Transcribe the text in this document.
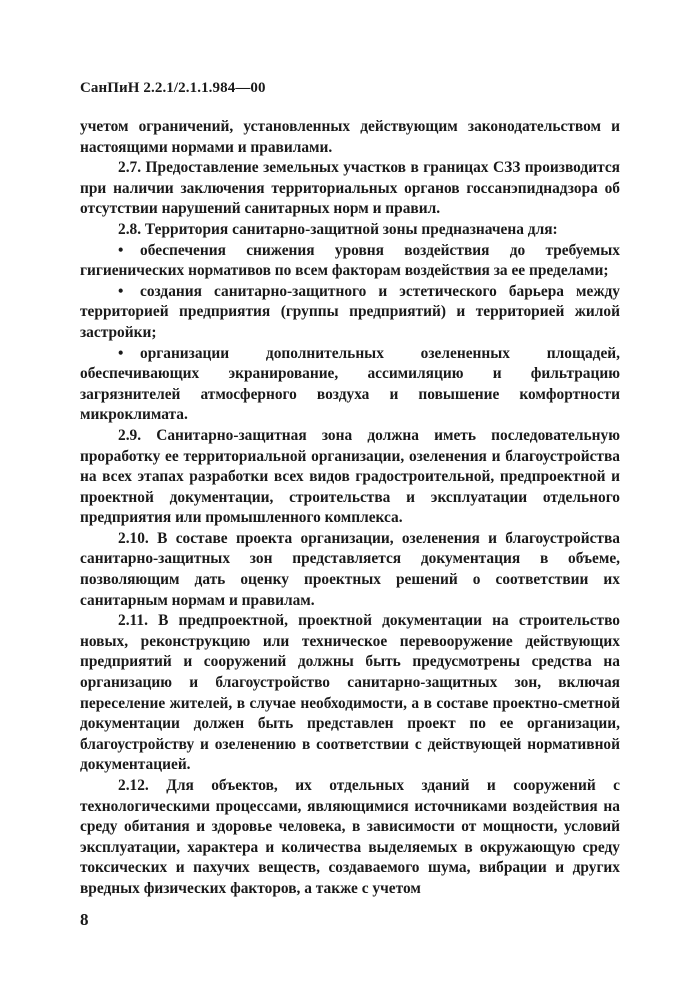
СанПиН 2.2.1/2.1.1.984—00

учетом ограничений, установленных действующим законодательством и настоящими нормами и правилами.

2.7. Предоставление земельных участков в границах СЗЗ производится при наличии заключения территориальных органов госсанэпиднадзора об отсутствии нарушений санитарных норм и правил.

2.8. Территория санитарно-защитной зоны предназначена для:

• обеспечения снижения уровня воздействия до требуемых гигиенических нормативов по всем факторам воздействия за ее пределами;

• создания санитарно-защитного и эстетического барьера между территорией предприятия (группы предприятий) и территорией жилой застройки;

• организации дополнительных озелененных площадей, обеспечивающих экранирование, ассимиляцию и фильтрацию загрязнителей атмосферного воздуха и повышение комфортности микроклимата.

2.9. Санитарно-защитная зона должна иметь последовательную проработку ее территориальной организации, озеленения и благоустройства на всех этапах разработки всех видов градостроительной, предпроектной и проектной документации, строительства и эксплуатации отдельного предприятия или промышленного комплекса.

2.10. В составе проекта организации, озеленения и благоустройства санитарно-защитных зон представляется документация в объеме, позволяющим дать оценку проектных решений о соответствии их санитарным нормам и правилам.

2.11. В предпроектной, проектной документации на строительство новых, реконструкцию или техническое перевооружение действующих предприятий и сооружений должны быть предусмотрены средства на организацию и благоустройство санитарно-защитных зон, включая переселение жителей, в случае необходимости, а в составе проектно-сметной документации должен быть представлен проект по ее организации, благоустройству и озеленению в соответствии с действующей нормативной документацией.

2.12. Для объектов, их отдельных зданий и сооружений с технологическими процессами, являющимися источниками воздействия на среду обитания и здоровье человека, в зависимости от мощности, условий эксплуатации, характера и количества выделяемых в окружающую среду токсических и пахучих веществ, создаваемого шума, вибрации и других вредных физических факторов, а также с учетом

8
